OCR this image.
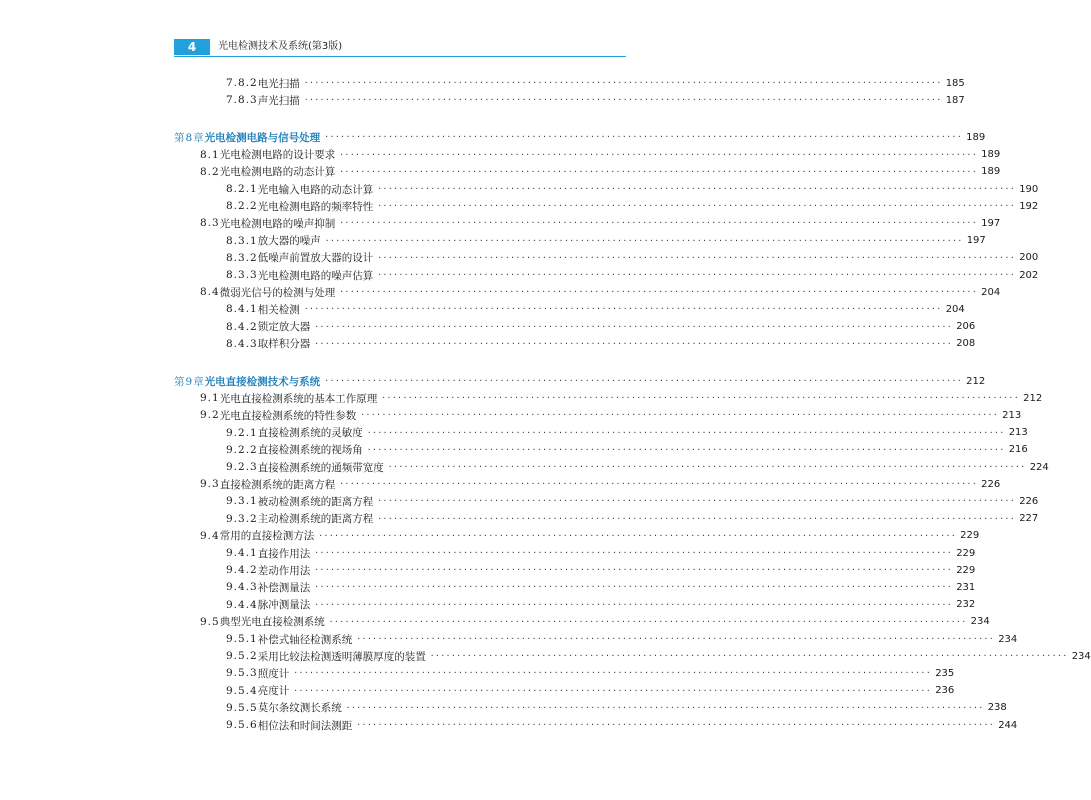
4	光电检测技术及系统(第3版)
7.8.2 电光扫描 ························································································································ 185
7.8.3 声光扫描 ························································································································ 187
第8章 光电检测电路与信号处理 ························································································································ 189
8.1 光电检测电路的设计要求 ························································································································ 189
8.2 光电检测电路的动态计算 ························································································································ 189
8.2.1 光电输入电路的动态计算 ························································································································ 190
8.2.2 光电检测电路的频率特性 ························································································································ 192
8.3 光电检测电路的噪声抑制 ························································································································ 197
8.3.1 放大器的噪声 ························································································································ 197
8.3.2 低噪声前置放大器的设计 ························································································································ 200
8.3.3 光电检测电路的噪声估算 ························································································································ 202
8.4 微弱光信号的检测与处理 ························································································································ 204
8.4.1 相关检测 ························································································································ 204
8.4.2 锁定放大器 ························································································································ 206
8.4.3 取样积分器 ························································································································ 208
第9章 光电直接检测技术与系统 ························································································································ 212
9.1 光电直接检测系统的基本工作原理 ························································································································ 212
9.2 光电直接检测系统的特性参数 ························································································································ 213
9.2.1 直接检测系统的灵敏度 ························································································································ 213
9.2.2 直接检测系统的视场角 ························································································································ 216
9.2.3 直接检测系统的通频带宽度 ························································································································ 224
9.3 直接检测系统的距离方程 ························································································································ 226
9.3.1 被动检测系统的距离方程 ························································································································ 226
9.3.2 主动检测系统的距离方程 ························································································································ 227
9.4 常用的直接检测方法 ························································································································ 229
9.4.1 直接作用法 ························································································································ 229
9.4.2 差动作用法 ························································································································ 229
9.4.3 补偿测量法 ························································································································ 231
9.4.4 脉冲测量法 ························································································································ 232
9.5 典型光电直接检测系统 ························································································································ 234
9.5.1 补偿式轴径检测系统 ························································································································ 234
9.5.2 采用比较法检测透明薄膜厚度的装置 ························································································································ 234
9.5.3 照度计 ························································································································ 235
9.5.4 亮度计 ························································································································ 236
9.5.5 莫尔条纹测长系统 ························································································································ 238
9.5.6 相位法和时间法测距 ························································································································ 244
